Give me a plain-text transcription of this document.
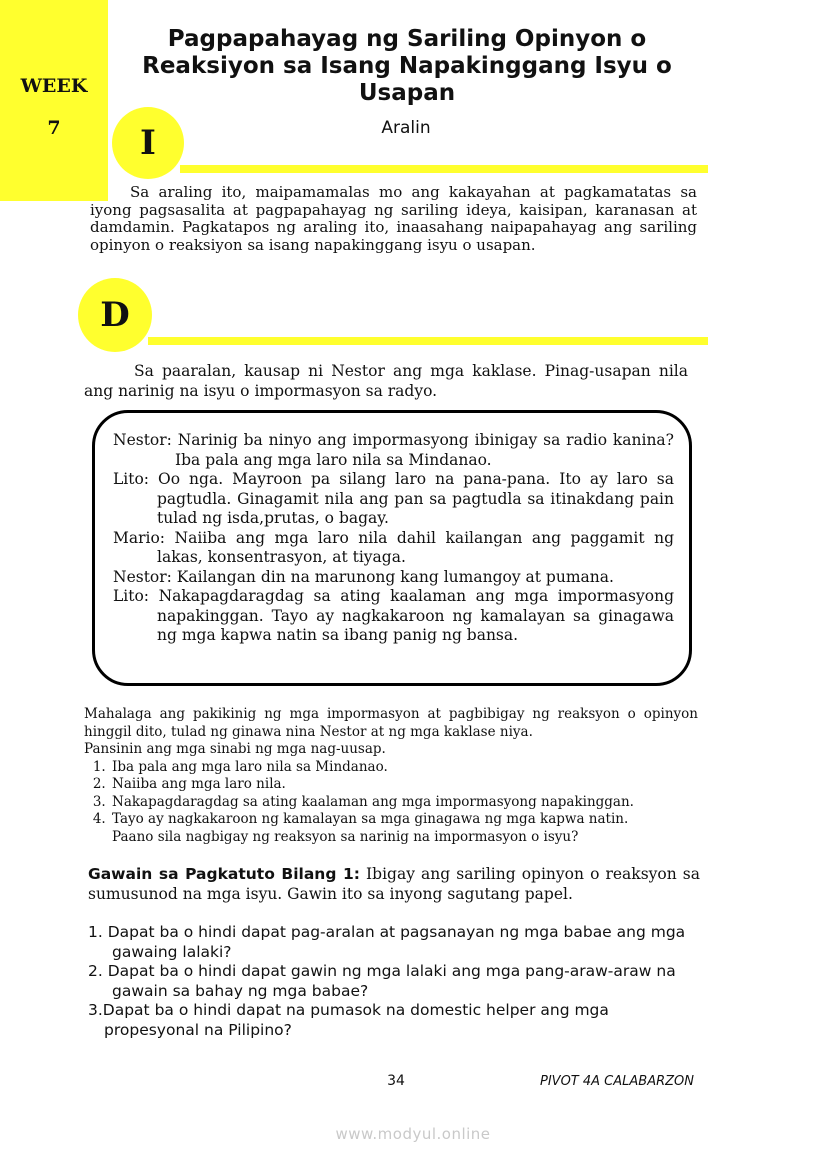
WEEK
7
Pagpapahayag ng Sariling Opinyon o Reaksiyon sa Isang Napakinggang Isyu o Usapan
I	Aralin
Sa araling ito, maipamamalas mo ang kakayahan at pagkamatatas sa iyong pagsasalita at pagpapahayag ng sariling ideya, kaisipan, karanasan at damdamin. Pagkatapos ng araling ito, inaasahang naipapahayag ang sariling opinyon o reaksiyon sa isang napakinggang isyu o usapan.
D
Sa paaralan, kausap ni Nestor ang mga kaklase. Pinag-usapan nila ang narinig na isyu o impormasyon sa radyo.
Nestor: Narinig ba ninyo ang impormasyong ibinigay sa radio kanina? Iba pala ang mga laro nila sa Mindanao.
Lito: Oo nga. Mayroon pa silang laro na pana-pana. Ito ay laro sa pagtudla. Ginagamit nila ang pan sa pagtudla sa itinakdang pain tulad ng isda,prutas, o bagay.
Mario: Naiiba ang mga laro nila dahil kailangan ang paggamit ng lakas, konsentrasyon, at tiyaga.
Nestor: Kailangan din na marunong kang lumangoy at pumana.
Lito: Nakapagdaragdag sa ating kaalaman ang mga impormasyong napakinggan. Tayo ay nagkakaroon ng kamalayan sa ginagawa ng mga kapwa natin sa ibang panig ng bansa.

Mahalaga ang pakikinig ng mga impormasyon at pagbibigay ng reaksyon o opinyon hinggil dito, tulad ng ginawa nina Nestor at ng mga kaklase niya.

Pansinin ang mga sinabi ng mga nag-uusap.

1. Iba pala ang mga laro nila sa Mindanao.
2. Naiiba ang mga laro nila.
3. Nakapagdaragdag sa ating kaalaman ang mga impormasyong napakinggan.
4. Tayo ay nagkakaroon ng kamalayan sa mga ginagawa ng mga kapwa natin.
Paano sila nagbigay ng reaksyon sa narinig na impormasyon o isyu?
Gawain sa Pagkatuto Bilang 1: Ibigay ang sariling opinyon o reaksyon sa sumusunod na mga isyu. Gawin ito sa inyong sagutang papel.
1. Dapat ba o hindi dapat pag-aralan at pagsanayan ng mga babae ang mga gawaing lalaki?
2. Dapat ba o hindi dapat gawin ng mga lalaki ang mga pang-araw-araw na gawain sa bahay ng mga babae?
3.Dapat ba o hindi dapat na pumasok na domestic helper ang mga propesyonal na Pilipino?
34	PIVOT 4A CALABARZON
www.modyul.online
